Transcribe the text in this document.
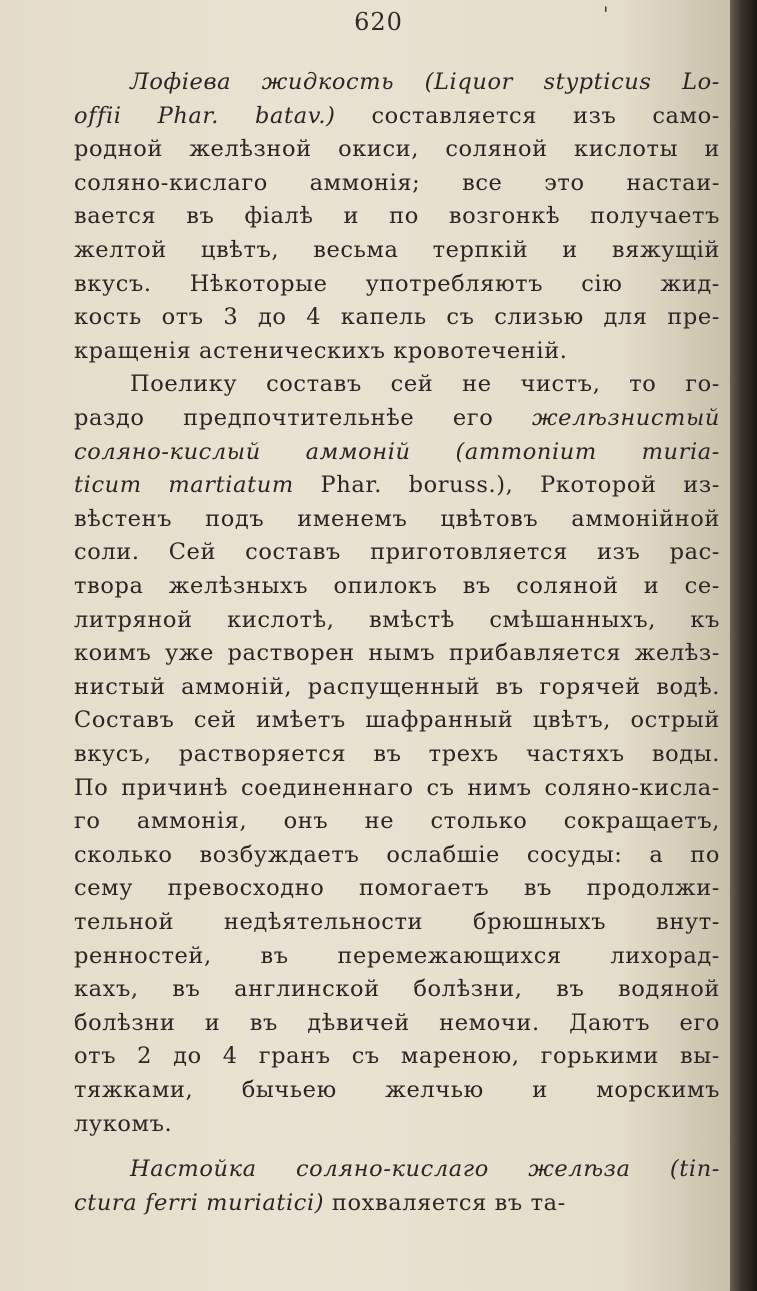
620	'
Лофіева жидкость (Liquor stypticus Lo-
offii Phar. batav.) составляется изъ само-
родной желѣзной окиси, соляной кислоты и
соляно-кислаго аммонія; все это настаи-
вается въ фіалѣ и по возгонкѣ получаетъ
желтой цвѣтъ, весьма терпкій и вяжущій
вкусъ. Нѣкоторые употребляютъ сію жид-
кость отъ 3 до 4 капель съ слизью для пре-
кращенія астеническихъ кровотеченій.
Поелику составъ сей не чистъ, то го-
раздо предпочтительнѣе его желѣзнистый
соляно-кислый аммоній (ammonium muria-
ticum martiatum Phar. boruss.), Ркоторой из-
вѣстенъ подъ именемъ цвѣтовъ аммонійной
соли. Сей составъ приготовляется изъ рас-
твора желѣзныхъ опилокъ въ соляной и се-
литряной кислотѣ, вмѣстѣ смѣшанныхъ, къ
коимъ уже растворен нымъ прибавляется желѣз-
нистый аммоній, распущенный въ горячей водѣ.
Составъ сей имѣетъ шафранный цвѣтъ, острый
вкусъ, растворяется въ трехъ частяхъ воды.
По причинѣ соединеннаго съ нимъ соляно-кисла-
го аммонія, онъ не столько сокращаетъ,
сколько возбуждаетъ ослабшіе сосуды: а по
сему превосходно помогаетъ въ продолжи-
тельной недѣятельности брюшныхъ внут-
ренностей, въ перемежающихся лихорад-
кахъ, въ англинской болѣзни, въ водяной
болѣзни и въ дѣвичей немочи. Даютъ его
отъ 2 до 4 гранъ съ мареною, горькими вы-
тяжками, бычьею желчью и морскимъ
лукомъ.
Настойка соляно-кислаго желѣза (tin-
ctura ferri muriatici) похваляется въ та-
